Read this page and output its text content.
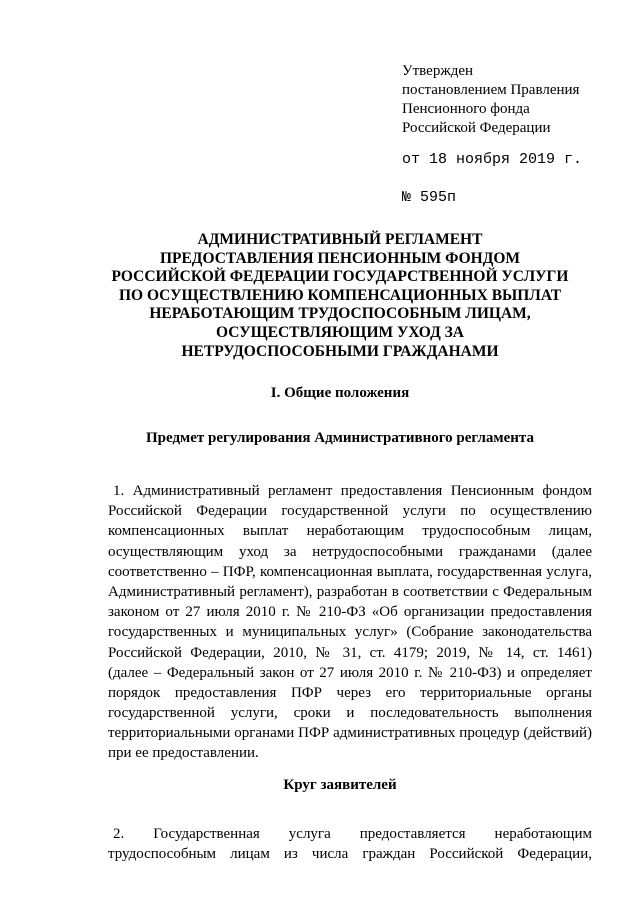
Утвержден
постановлением Правления
Пенсионного фонда
Российской Федерации
от 18 ноября 2019 г.
№ 595п
АДМИНИСТРАТИВНЫЙ РЕГЛАМЕНТ
ПРЕДОСТАВЛЕНИЯ ПЕНСИОННЫМ ФОНДОМ
РОССИЙСКОЙ ФЕДЕРАЦИИ ГОСУДАРСТВЕННОЙ УСЛУГИ
ПО ОСУЩЕСТВЛЕНИЮ КОМПЕНСАЦИОННЫХ ВЫПЛАТ
НЕРАБОТАЮЩИМ ТРУДОСПОСОБНЫМ ЛИЦАМ,
ОСУЩЕСТВЛЯЮЩИМ УХОД ЗА
НЕТРУДОСПОСОБНЫМИ ГРАЖДАНАМИ
I. Общие положения
Предмет регулирования Административного регламента
1. Административный регламент предоставления Пенсионным фондом
Российской Федерации государственной услуги по осуществлению
компенсационных выплат неработающим трудоспособным лицам,
осуществляющим уход за нетрудоспособными гражданами (далее
соответственно – ПФР, компенсационная выплата, государственная услуга,
Административный регламент), разработан в соответствии с Федеральным
законом от 27 июля 2010 г. № 210-ФЗ «Об организации предоставления
государственных и муниципальных услуг» (Собрание законодательства
Российской Федерации, 2010, № 31, ст. 4179; 2019, № 14, ст. 1461)
(далее – Федеральный закон от 27 июля 2010 г. № 210-ФЗ) и определяет
порядок предоставления ПФР через его территориальные органы
государственной услуги, сроки и последовательность выполнения
территориальными органами ПФР административных процедур (действий)
при ее предоставлении.
Круг заявителей
2. Государственная услуга предоставляется неработающим
трудоспособным лицам из числа граждан Российской Федерации,
